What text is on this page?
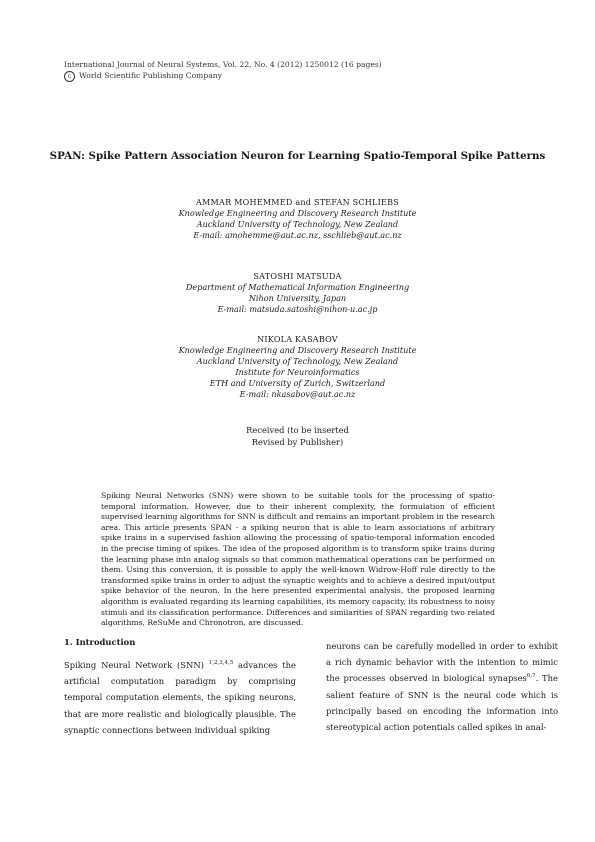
International Journal of Neural Systems, Vol. 22, No. 4 (2012) 1250012 (16 pages)
c World Scientific Publishing Company
SPAN: Spike Pattern Association Neuron for Learning Spatio-Temporal Spike Patterns
AMMAR MOHEMMED and STEFAN SCHLIEBS
Knowledge Engineering and Discovery Research Institute
Auckland University of Technology, New Zealand
E-mail: amohemme@aut.ac.nz, sschlieb@aut.ac.nz
SATOSHI MATSUDA
Department of Mathematical Information Engineering
Nihon University, Japan
E-mail: matsuda.satoshi@nihon-u.ac.jp
NIKOLA KASABOV
Knowledge Engineering and Discovery Research Institute
Auckland University of Technology, New Zealand
Institute for Neuroinformatics
ETH and University of Zurich, Switzerland
E-mail: nkasabov@aut.ac.nz
Received (to be inserted
Revised by Publisher)
Spiking Neural Networks (SNN) were shown to be suitable tools for the processing of spatio-temporal information. However, due to their inherent complexity, the formulation of efficient supervised learning algorithms for SNN is difficult and remains an important problem in the research area. This article presents SPAN - a spiking neuron that is able to learn associations of arbitrary spike trains in a supervised fashion allowing the processing of spatio-temporal information encoded in the precise timing of spikes. The idea of the proposed algorithm is to transform spike trains during the learning phase into analog signals so that common mathematical operations can be performed on them. Using this conversion, it is possible to apply the well-known Widrow-Hoff rule directly to the transformed spike trains in order to adjust the synaptic weights and to achieve a desired input/output spike behavior of the neuron. In the here presented experimental analysis, the proposed learning algorithm is evaluated regarding its learning capabilities, its memory capacity, its robustness to noisy stimuli and its classification performance. Differences and similarities of SPAN regarding two related algorithms, ReSuMe and Chronotron, are discussed.
1. Introduction
Spiking Neural Network (SNN) $^{1,2,3,4,5}$ advances the artificial computation paradigm by comprising temporal computation elements, the spiking neurons, that are more realistic and biologically plausible. The synaptic connections between individual spiking
neurons can be carefully modelled in order to exhibit a rich dynamic behavior with the intention to mimic the processes observed in biological synapses$^{6,7}$. The salient feature of SNN is the neural code which is principally based on encoding the information into stereotypical action potentials called spikes in anal-
